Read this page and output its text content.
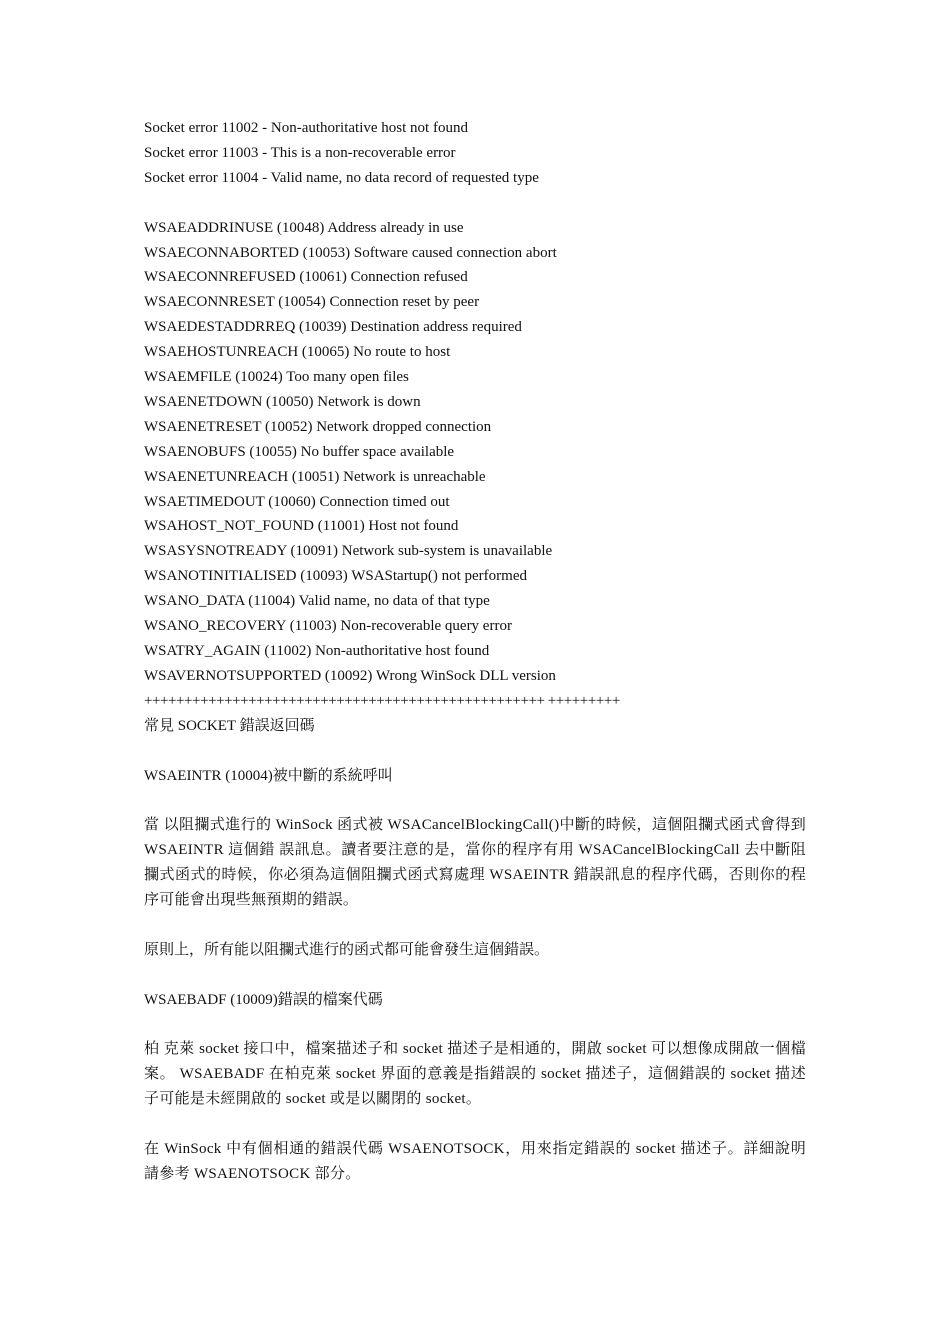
Socket error 11002 - Non-authoritative host not found
Socket error 11003 - This is a non-recoverable error
Socket error 11004 - Valid name, no data record of requested type
WSAEADDRINUSE (10048) Address already in use
WSAECONNABORTED (10053) Software caused connection abort
WSAECONNREFUSED (10061) Connection refused
WSAECONNRESET (10054) Connection reset by peer
WSAEDESTADDRREQ (10039) Destination address required
WSAEHOSTUNREACH (10065) No route to host
WSAEMFILE (10024) Too many open files
WSAENETDOWN (10050) Network is down
WSAENETRESET (10052) Network dropped connection
WSAENOBUFS (10055) No buffer space available
WSAENETUNREACH (10051) Network is unreachable
WSAETIMEDOUT (10060) Connection timed out
WSAHOST_NOT_FOUND (11001) Host not found
WSASYSNOTREADY (10091) Network sub-system is unavailable
WSANOTINITIALISED (10093) WSAStartup() not performed
WSANO_DATA (11004) Valid name, no data of that type
WSANO_RECOVERY (11003) Non-recoverable query error
WSATRY_AGAIN (11002) Non-authoritative host found
WSAVERNOTSUPPORTED (10092) Wrong WinSock DLL version
++++++++++++++++++++++++++++++++++++++++++++++++++ +++++++++
常見 SOCKET 錯誤返回碼
WSAEINTR (10004)被中斷的系統呼叫
當 以阻攔式進行的 WinSock 函式被 WSACancelBlockingCall()中斷的時候，這個阻攔式函式會得到 WSAEINTR 這個錯 誤訊息。讀者要注意的是，當你的程序有用 WSACancelBlockingCall 去中斷阻攔式函式的時候，你必須為這個阻攔式函式寫處理 WSAEINTR 錯誤訊息的程序代碼，否則你的程序可能會出現些無預期的錯誤。
原則上，所有能以阻攔式進行的函式都可能會發生這個錯誤。
WSAEBADF (10009)錯誤的檔案代碼
柏 克萊 socket 接口中，檔案描述子和 socket 描述子是相通的，開啟 socket 可以想像成開啟一個檔案。 WSAEBADF 在柏克萊 socket 界面的意義是指錯誤的 socket 描述子，這個錯誤的 socket 描述子可能是未經開啟的 socket 或是以關閉的 socket。
在 WinSock 中有個相通的錯誤代碼 WSAENOTSOCK，用來指定錯誤的 socket 描述子。詳細說明請參考 WSAENOTSOCK 部分。
